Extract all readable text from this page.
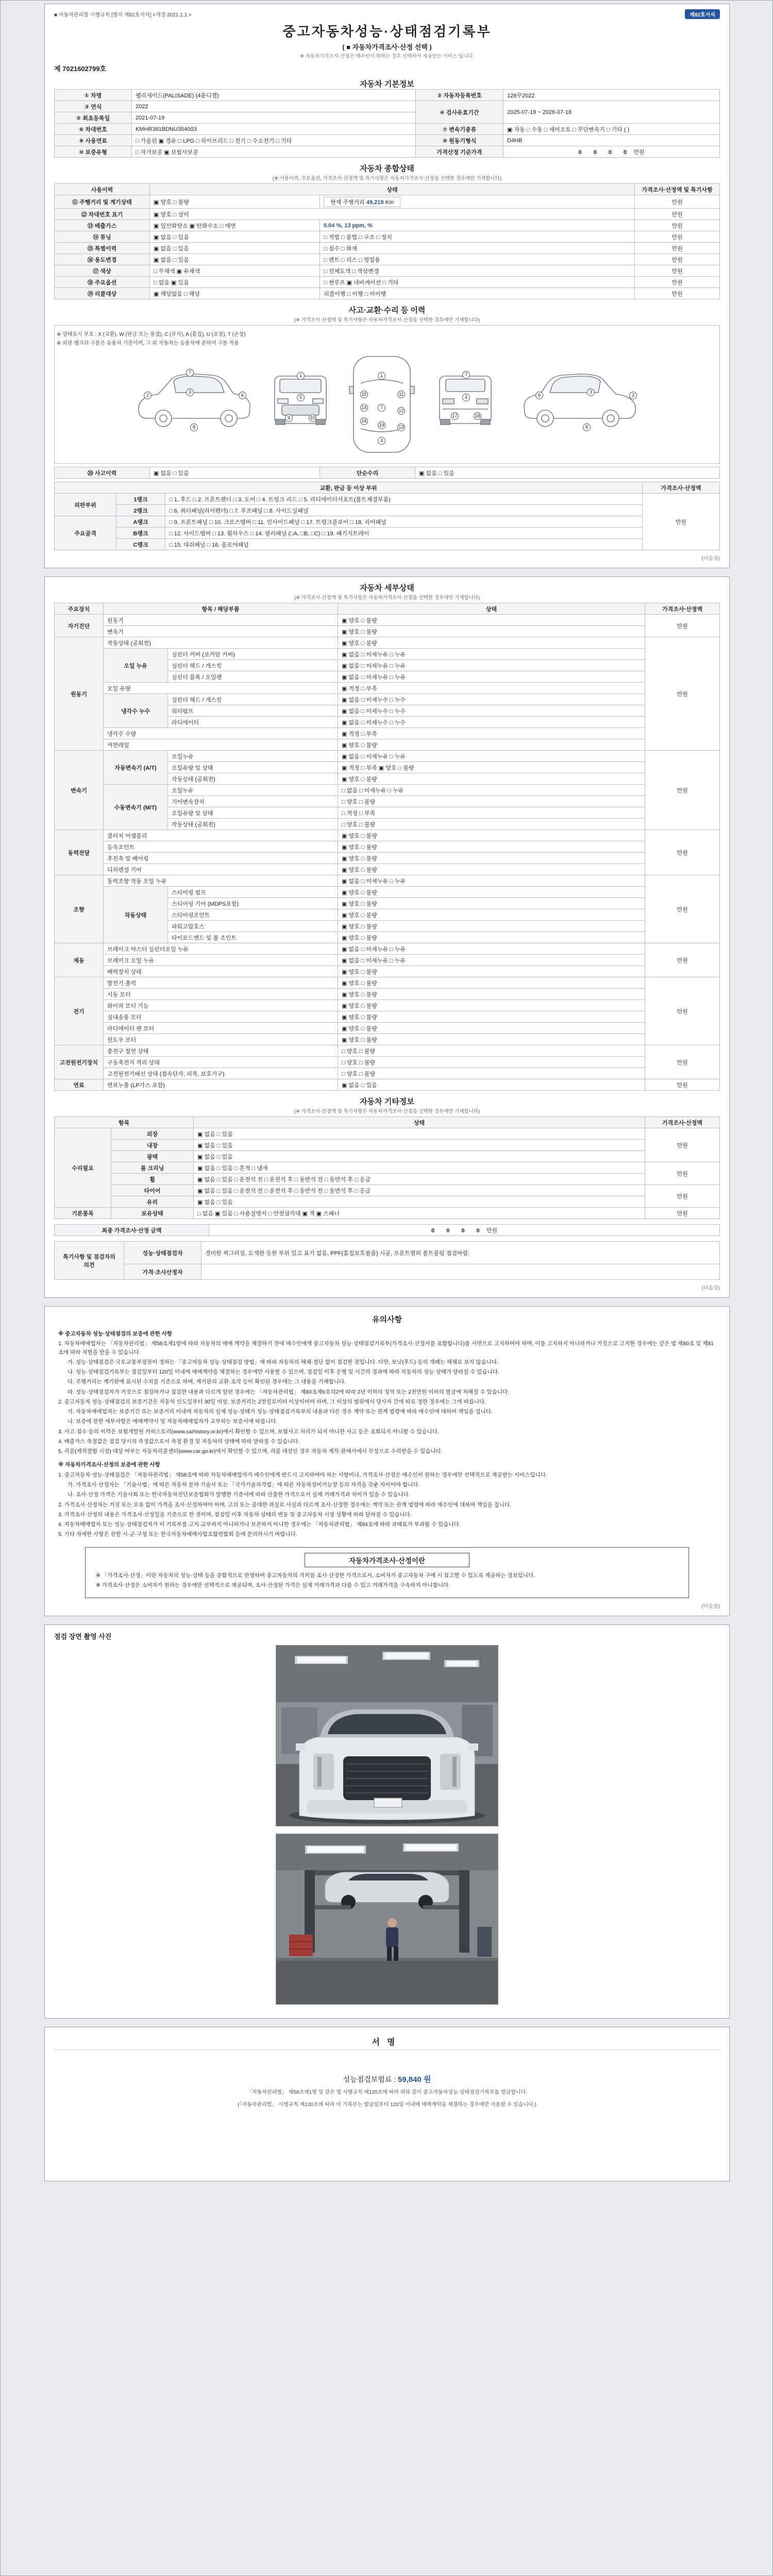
■ 자동차관리법 시행규칙 [별지 제82호서식] <개정 2021.1.1.>	제82호서식
중고자동차성능·상태점검기록부
( ■ 자동차가격조사·산정 선택 )
※ 자동차가격조사·산정은 매수인이 원하는 경우 선택하여 제공받는 서비스 입니다.
제 7021602799호
자동차 기본정보
① 차명	펠리세이드(PALISADE) (4륜디젤)	② 자동차등록번호	126무2022
③ 연식	2022	④ 검사유효기간	2025-07-19 ~ 2026-07-18
⑤ 최초등록일	2021-07-19		
⑥ 차대번호	KMHR381BDNU354003	⑦ 변속기종류	▣ 자동 □ 수동 □ 세미오토 □ 무단변속기 □ 기타 ( )
⑧ 사용연료	□ 가솔린 ▣ 경유 □ LPG □ 하이브리드 □ 전기 □ 수소전기 □ 기타	⑨ 원동기형식	D4HB
⑩ 보증유형	□ 자가보증 ▣ 보험사보증	가격산정 기준가격	0 0 0 0 만원
자동차 종합상태
(※ 사용이력, 주요옵션, 가격조사·산정액 및 특기사항은 자동차가격조사·산정을 선택한 경우에만 기재합니다)
사용이력	상태		가격조사·산정액 및 특기사항
⑪ 주행거리 및 계기상태	▣ 양호 □ 불량	현재 주행거리 49,219 Km	만원
⑫ 차대번호 표기	▣ 양호 □ 상이		만원
⑬ 배출가스	▣ 일산화탄소 ▣ 탄화수소 □ 매연	0.04 %, 13 ppm, %	만원
⑭ 튜닝	▣ 없음 □ 있음	□ 적법 □ 불법 □ 구조 □ 장치	만원
⑮ 특별이력	▣ 없음 □ 있음	□ 침수 □ 화재	만원
⑯ 용도변경	▣ 없음 □ 있음	□ 렌트 □ 리스 □ 영업용	만원
⑰ 색상	□ 무채색 ▣ 유채색	□ 전체도색 □ 색상변경	만원
⑱ 주요옵션	□ 없음 ▣ 있음	□ 썬루프 ▣ 네비게이션 □ 기타	만원
⑲ 리콜대상	▣ 해당없음 □ 해당	리콜이행 □ 이행 □ 미이행	만원
사고·교환·수리 등 이력
(※ 가격조사·산정액 및 특기사항은 자동차가격조사·산정을 선택한 경우에만 기재합니다)
※ 상태표시 부호 : X (교환), W (판금 또는 용접), C (부식), A (흠집), U (요철), T (손상)
※ 외판 랭크의 구분은 승용차 기준이며, 그 외 자동차는 승용차에 준하여 구분 적용
2
3
8
6
7
1
5
9	10
1
7
4
15
14
16
11
12
13
19
7
4
17	18
6
3
8
2
⑳ 사고이력	▣ 없음 □ 있음	단순수리	▣ 없음 □ 있음
교환, 판금 등 이상 부위			가격조사·산정액
외판부위	1랭크	□ 1. 후드 □ 2. 프론트펜더 □ 3. 도어 □ 4. 트렁크 리드 □ 5. 라디에이터서포트(볼트체결부품)	만원
	2랭크	□ 6. 쿼터패널(리어펜더) □ 7. 루프패널 □ 8. 사이드실패널	
주요골격	A랭크	□ 9. 프론트패널 □ 10. 크로스멤버 □ 11. 인사이드패널 □ 17. 트렁크플로어 □ 18. 리어패널	
	B랭크	□ 12. 사이드멤버 □ 13. 휠하우스 □ 14. 필러패널 (□A, □B, □C) □ 19. 패키지트레이	
	C랭크	□ 15. 대쉬패널 □ 16. 플로어패널	
(다음장)
자동차 세부상태
(※ 가격조사·산정액 및 특기사항은 자동차가격조사·산정을 선택한 경우에만 기재합니다)
주요장치	항목 / 해당부품		상태	가격조사·산정액
자기진단	원동기		▣ 양호 □ 불량	만원
	변속기		▣ 양호 □ 불량	
원동기	작동상태 (공회전)		▣ 양호 □ 불량	만원
	오일 누유	실린더 커버 (로커암 커버)	▣ 없음 □ 미세누유 □ 누유	
		실린더 헤드 / 개스킷	▣ 없음 □ 미세누유 □ 누유	
		실린더 블록 / 오일팬	▣ 없음 □ 미세누유 □ 누유	
	오일 유량		▣ 적정 □ 부족	
	냉각수 누수	실린더 헤드 / 개스킷	▣ 없음 □ 미세누수 □ 누수	
		워터펌프	▣ 없음 □ 미세누수 □ 누수	
		라디에이터	▣ 없음 □ 미세누수 □ 누수	
	냉각수 수량		▣ 적정 □ 부족	
	커먼레일		▣ 양호 □ 불량	
변속기	자동변속기 (A/T)	오일누유	▣ 없음 □ 미세누유 □ 누유	만원
		오일유량 및 상태	▣ 적정 □ 부족 ▣ 양호 □ 불량	
		작동상태 (공회전)	▣ 양호 □ 불량	
	수동변속기 (M/T)	오일누유	□ 없음 □ 미세누유 □ 누유	
		기어변속장치	□ 양호 □ 불량	
		오일유량 및 상태	□ 적정 □ 부족	
		작동상태 (공회전)	□ 양호 □ 불량	
동력전달	클러치 어셈블리		▣ 양호 □ 불량	만원
	등속조인트		▣ 양호 □ 불량	
	추진축 및 베어링		▣ 양호 □ 불량	
	디퍼렌셜 기어		▣ 양호 □ 불량	
조향	동력조향 작동 오일 누유		▣ 없음 □ 미세누유 □ 누유	만원
	작동상태	스티어링 펌프	▣ 양호 □ 불량	
		스티어링 기어 (MDPS포함)	▣ 양호 □ 불량	
		스티어링조인트	▣ 양호 □ 불량	
		파워고압호스	▣ 양호 □ 불량	
		타이로드엔드 및 볼 조인트	▣ 양호 □ 불량	
제동	브레이크 마스터 실린더오일 누유		▣ 없음 □ 미세누유 □ 누유	만원
	브레이크 오일 누유		▣ 없음 □ 미세누유 □ 누유	
	배력장치 상태		▣ 양호 □ 불량	
전기	발전기 출력		▣ 양호 □ 불량	만원
	시동 모터		▣ 양호 □ 불량	
	와이퍼 모터 기능		▣ 양호 □ 불량	
	실내송풍 모터		▣ 양호 □ 불량	
	라디에이터 팬 모터		▣ 양호 □ 불량	
	윈도우 모터		▣ 양호 □ 불량	
고전원전기장치	충전구 절연 상태		□ 양호 □ 불량	만원
	구동축전지 격리 상태		□ 양호 □ 불량	
	고전원전기배선 상태 (접속단자, 피복, 보호기구)		□ 양호 □ 불량	
연료	연료누출 (LP가스 포함)		▣ 없음 □ 있음	만원
자동차 기타정보
(※ 가격조사·산정액 및 특기사항은 자동차가격조사·산정을 선택한 경우에만 기재합니다)
항목		상태	가격조사·산정액
수리필요	외장	▣ 없음 □ 있음	만원
	내장	▣ 없음 □ 있음	
	광택	▣ 없음 □ 있음	
	룸 크리닝	▣ 없음 □ 있음 □ 흔적 □ 냄새	만원
	휠	▣ 없음 □ 있음 □ 운전석 전 □ 운전석 후 □ 동반석 전 □ 동반석 후 □ 응급	
	타이어	▣ 없음 □ 있음 □ 운전석 전 □ 운전석 후 □ 동반석 전 □ 동반석 후 □ 응급	만원
	유리	▣ 없음 □ 있음	
기본품목	보유상태	□ 없음 ▣ 있음 □ 사용설명서 □ 안전삼각대 ▣ 잭 ▣ 스패너	만원
최종 가격조사·산정 금액	0 0 0 0 만원
특기사항 및 점검자의 의견	성능·상태점검자	경미한 찌그러짐, 도색한 듯한 부위 있고 표기 없음, PPF(흠집보호필름) 시공, 프론트범퍼 볼트풀림 점검바람.
	가격·조사산정자	
(다음장)
유의사항

※ 중고자동차 성능·상태점검의 보증에 관한 사항

1. 자동차매매업자는 「자동차관리법」 제58조제1항에 따라 자동차의 매매 계약을 체결하기 전에 매수인에게 중고자동차 성능·상태점검기록부(가격조사·산정서를 포함합니다)를 서면으로 고지하여야 하며, 이를 고지하지 아니하거나 거짓으로 고지한 경우에는 같은 법 제80조 및 제81조에 따라 처벌을 받을 수 있습니다.

가. 성능·상태점검은 국토교통부장관이 정하는 「중고자동차 성능·상태점검 방법」에 따라 자동차의 해체·절단 없이 점검한 것입니다. 다만, 보닛(후드) 등의 개폐는 해체로 보지 않습니다.

나. 성능·상태점검기록부는 점검일부터 120일 이내에 매매계약을 체결하는 경우에만 사용할 수 있으며, 점검일 이후 운행 및 시간의 경과에 따라 자동차의 성능·상태가 달라질 수 있습니다.

다. 주행거리는 계기판에 표시된 수치를 기준으로 하며, 계기판의 교환·조작 등이 확인된 경우에는 그 내용을 기재합니다.

라. 성능·상태점검자가 거짓으로 점검하거나 점검한 내용과 다르게 알린 경우에는 「자동차관리법」 제80조제6호의2에 따라 2년 이하의 징역 또는 2천만원 이하의 벌금에 처해질 수 있습니다.

2. 중고자동차 성능·상태점검의 보증기간은 자동차 인도일부터 30일 이상, 보증거리는 2천킬로미터 이상이어야 하며, 그 이상의 범위에서 당사자 간에 따로 정한 경우에는 그에 따릅니다.

가. 자동차매매업자는 보증기간 또는 보증거리 이내에 자동차의 실제 성능·상태가 성능·상태점검기록부의 내용과 다른 경우 계약 또는 관계 법령에 따라 매수인에 대하여 책임을 집니다.

나. 보증에 관한 세부사항은 매매계약서 및 자동차매매업자가 교부하는 보증서에 따릅니다.

3. 사고·침수 등의 이력은 보험개발원 카히스토리(www.carhistory.or.kr)에서 확인할 수 있으며, 보험사고 처리가 되지 아니한 사고 등은 조회되지 아니할 수 있습니다.

4. 배출가스 측정값은 점검 당시의 측정값으로서 측정 환경 및 자동차의 상태에 따라 달라질 수 있습니다.

5. 리콜(제작결함 시정) 대상 여부는 자동차리콜센터(www.car.go.kr)에서 확인할 수 있으며, 리콜 대상인 경우 자동차 제작·판매사에서 무상으로 수리받을 수 있습니다.

※ 자동차가격조사·산정의 보증에 관한 사항

1. 중고자동차 성능·상태점검은 「자동차관리법」 제58조에 따라 자동차매매업자가 매수인에게 반드시 고지하여야 하는 사항이나, 가격조사·산정은 매수인이 원하는 경우에만 선택적으로 제공받는 서비스입니다.

가. 가격조사·산정자는 「기술사법」에 따른 자동차 분야 기술사 또는 「국가기술자격법」에 따른 자동차정비기능장 등의 자격을 갖춘 자이어야 합니다.

나. 조사·산정 가격은 기술사회 또는 한국자동차진단보증협회가 발행한 기준서에 따라 산출한 가격으로서 실제 거래가격과 차이가 있을 수 있습니다.

2. 가격조사·산정자는 거짓 또는 오류 없이 가격을 조사·산정하여야 하며, 고의 또는 중대한 과실로 사실과 다르게 조사·산정한 경우에는 계약 또는 관계 법령에 따라 매수인에 대하여 책임을 집니다.

3. 가격조사·산정의 내용은 가격조사·산정일을 기준으로 한 것이며, 점검일 이후 자동차 상태의 변동 및 중고자동차 시장 상황에 따라 달라질 수 있습니다.

4. 자동차매매업자 또는 성능·상태점검자가 이 기록부를 고지·교부하지 아니하거나 보존하지 아니한 경우에는 「자동차관리법」 제84조에 따라 과태료가 부과될 수 있습니다.

5. 기타 자세한 사항은 관할 시·군·구청 또는 한국자동차매매사업조합연합회 등에 문의하시기 바랍니다.

자동차가격조사·산정이란

※ 「가격조사·산정」이란 자동차의 성능·상태 등을 종합적으로 반영하여 중고자동차의 가치를 조사·산정한 가격으로서, 소비자가 중고자동차 구매 시 참고할 수 있도록 제공하는 정보입니다.

※ 가격조사·산정은 소비자가 원하는 경우에만 선택적으로 제공되며, 조사·산정된 가격은 실제 거래가격과 다를 수 있고 거래가격을 구속하지 아니합니다.

(다음장)
점검 장면 촬영 사진
서명
성능점검보험료 : 59,840 원
「자동차관리법」 제58조제1항 및 같은 법 시행규칙 제120조에 따라 위와 같이 중고자동차성능·상태점검기록부를 발급합니다.
(「자동차관리법」 시행규칙 제120조에 따라 이 기록부는 발급일부터 120일 이내에 매매계약을 체결하는 경우에만 사용할 수 있습니다.)
